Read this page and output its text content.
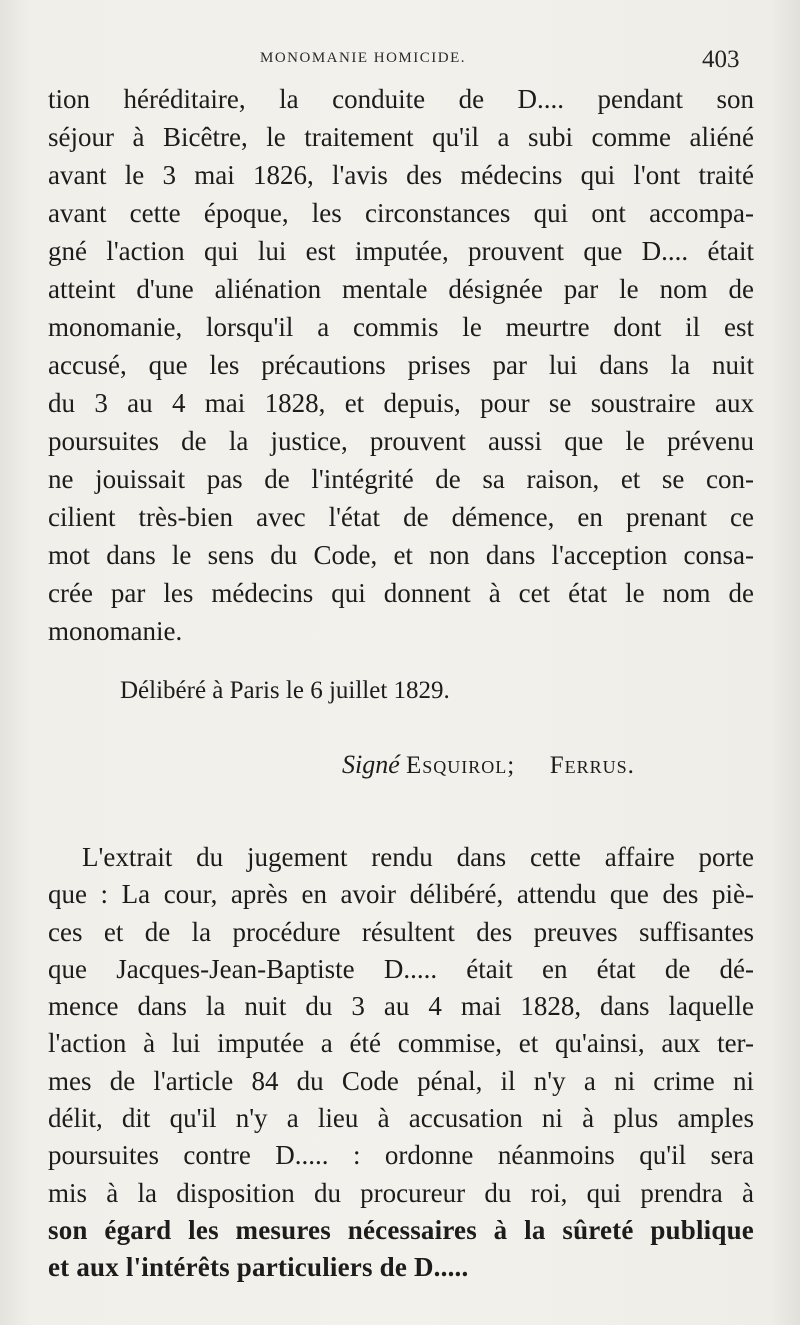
MONOMANIE HOMICIDE.	403
tion héréditaire, la conduite de D.... pendant son
séjour à Bicêtre, le traitement qu'il a subi comme aliéné
avant le 3 mai 1826, l'avis des médecins qui l'ont traité
avant cette époque, les circonstances qui ont accompa-
gné l'action qui lui est imputée, prouvent que D.... était
atteint d'une aliénation mentale désignée par le nom de
monomanie, lorsqu'il a commis le meurtre dont il est
accusé, que les précautions prises par lui dans la nuit
du 3 au 4 mai 1828, et depuis, pour se soustraire aux
poursuites de la justice, prouvent aussi que le prévenu
ne jouissait pas de l'intégrité de sa raison, et se con-
cilient très-bien avec l'état de démence, en prenant ce
mot dans le sens du Code, et non dans l'acception consa-
crée par les médecins qui donnent à cet état le nom de
monomanie.
Délibéré à Paris le 6 juillet 1829.
Signé Esquirol; Ferrus.
L'extrait du jugement rendu dans cette affaire porte
que : La cour, après en avoir délibéré, attendu que des piè-
ces et de la procédure résultent des preuves suffisantes
que Jacques-Jean-Baptiste D..... était en état de dé-
mence dans la nuit du 3 au 4 mai 1828, dans laquelle
l'action à lui imputée a été commise, et qu'ainsi, aux ter-
mes de l'article 84 du Code pénal, il n'y a ni crime ni
délit, dit qu'il n'y a lieu à accusation ni à plus amples
poursuites contre D..... : ordonne néanmoins qu'il sera
mis à la disposition du procureur du roi, qui prendra à
son égard les mesures nécessaires à la sûreté publique
et aux l'intérêts particuliers de D.....
